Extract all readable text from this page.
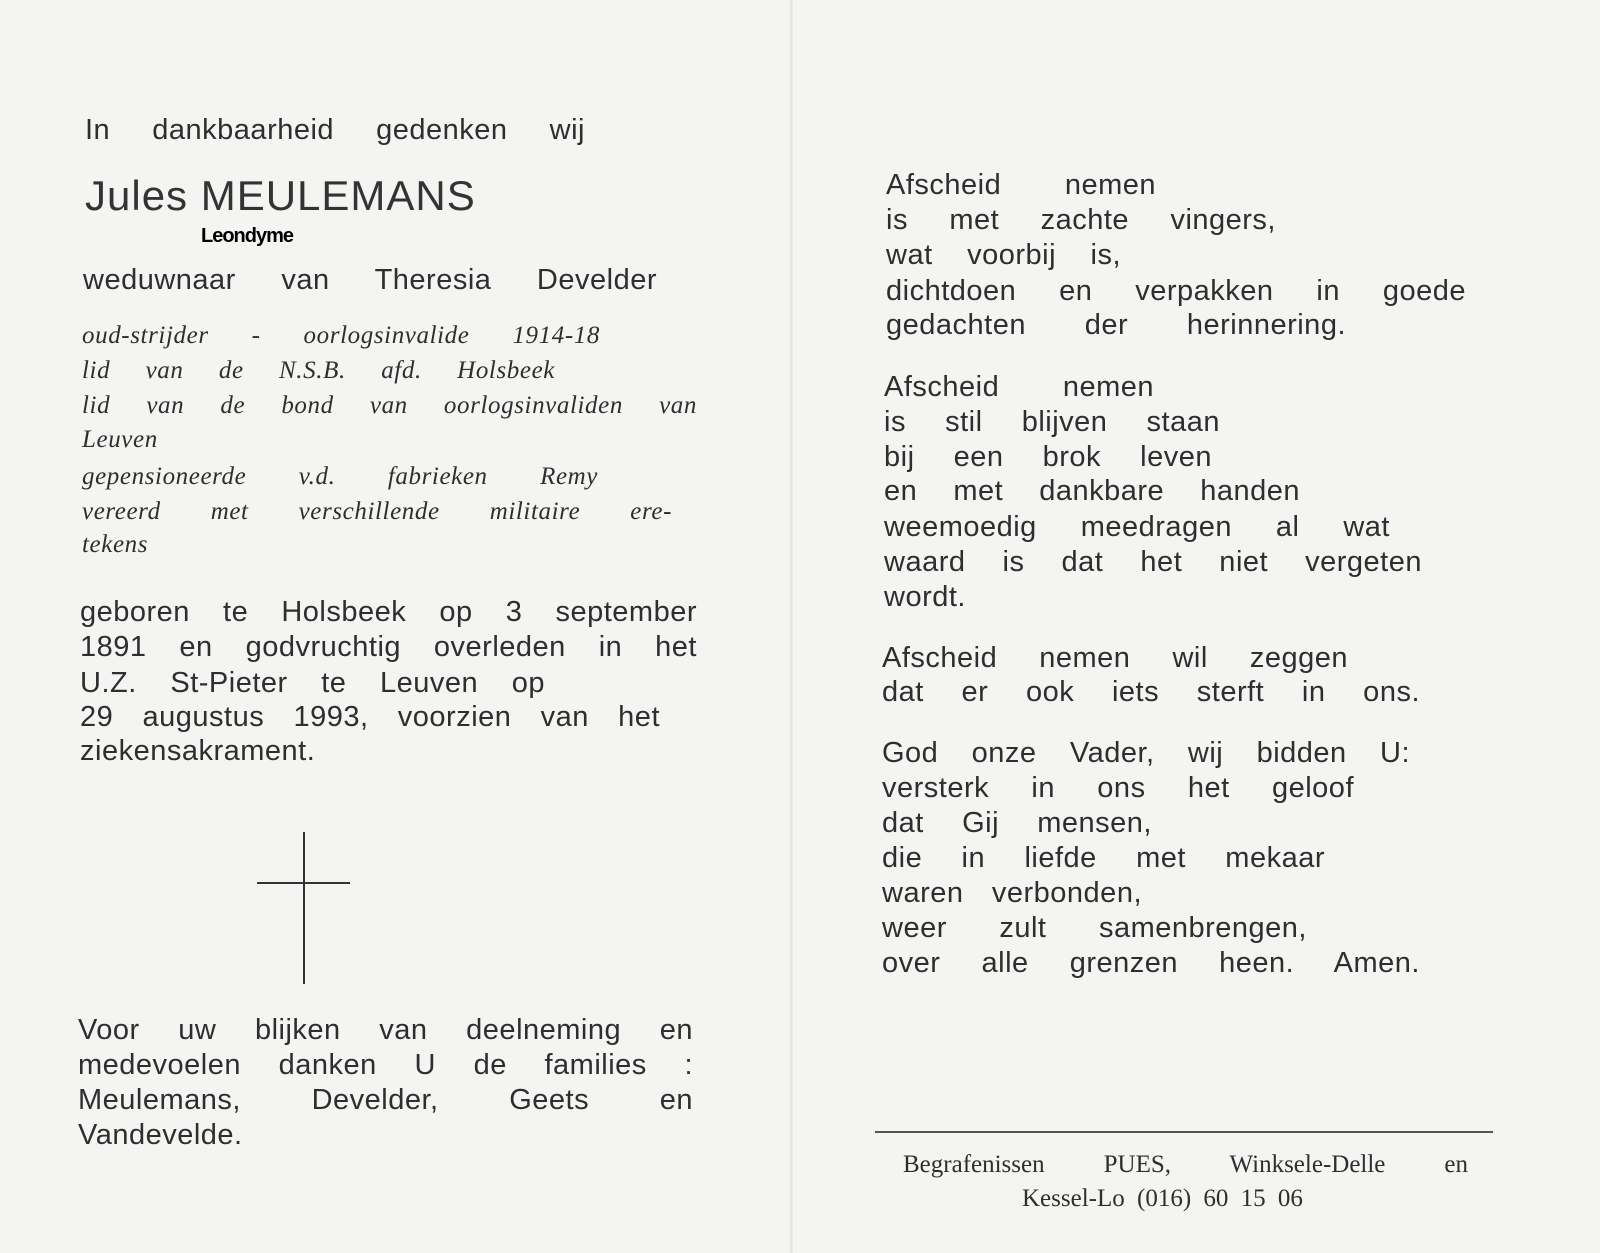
In dankbaarheid gedenken wij
Jules MEULEMANS
Leondyme
weduwnaar van Theresia Develder
oud-strijder - oorlogsinvalide 1914-18
lid van de N.S.B. afd. Holsbeek
lid van de bond van oorlogsinvaliden van
Leuven
gepensioneerde v.d. fabrieken Remy
vereerd met verschillende militaire ere-
tekens
geboren te Holsbeek op 3 september
1891 en godvruchtig overleden in het
U.Z. St-Pieter te Leuven op
29 augustus 1993, voorzien van het
ziekensakrament.
Voor uw blijken van deelneming en
medevoelen danken U de families :
Meulemans, Develder, Geets en
Vandevelde.
Afscheid nemen
is met zachte vingers,
wat voorbij is,
dichtdoen en verpakken in goede
gedachten der herinnering.
Afscheid nemen
is stil blijven staan
bij een brok leven
en met dankbare handen
weemoedig meedragen al wat
waard is dat het niet vergeten
wordt.
Afscheid nemen wil zeggen
dat er ook iets sterft in ons.
God onze Vader, wij bidden U:
versterk in ons het geloof
dat Gij mensen,
die in liefde met mekaar
waren verbonden,
weer zult samenbrengen,
over alle grenzen heen. Amen.
Begrafenissen PUES, Winksele-Delle en
Kessel-Lo (016) 60 15 06
